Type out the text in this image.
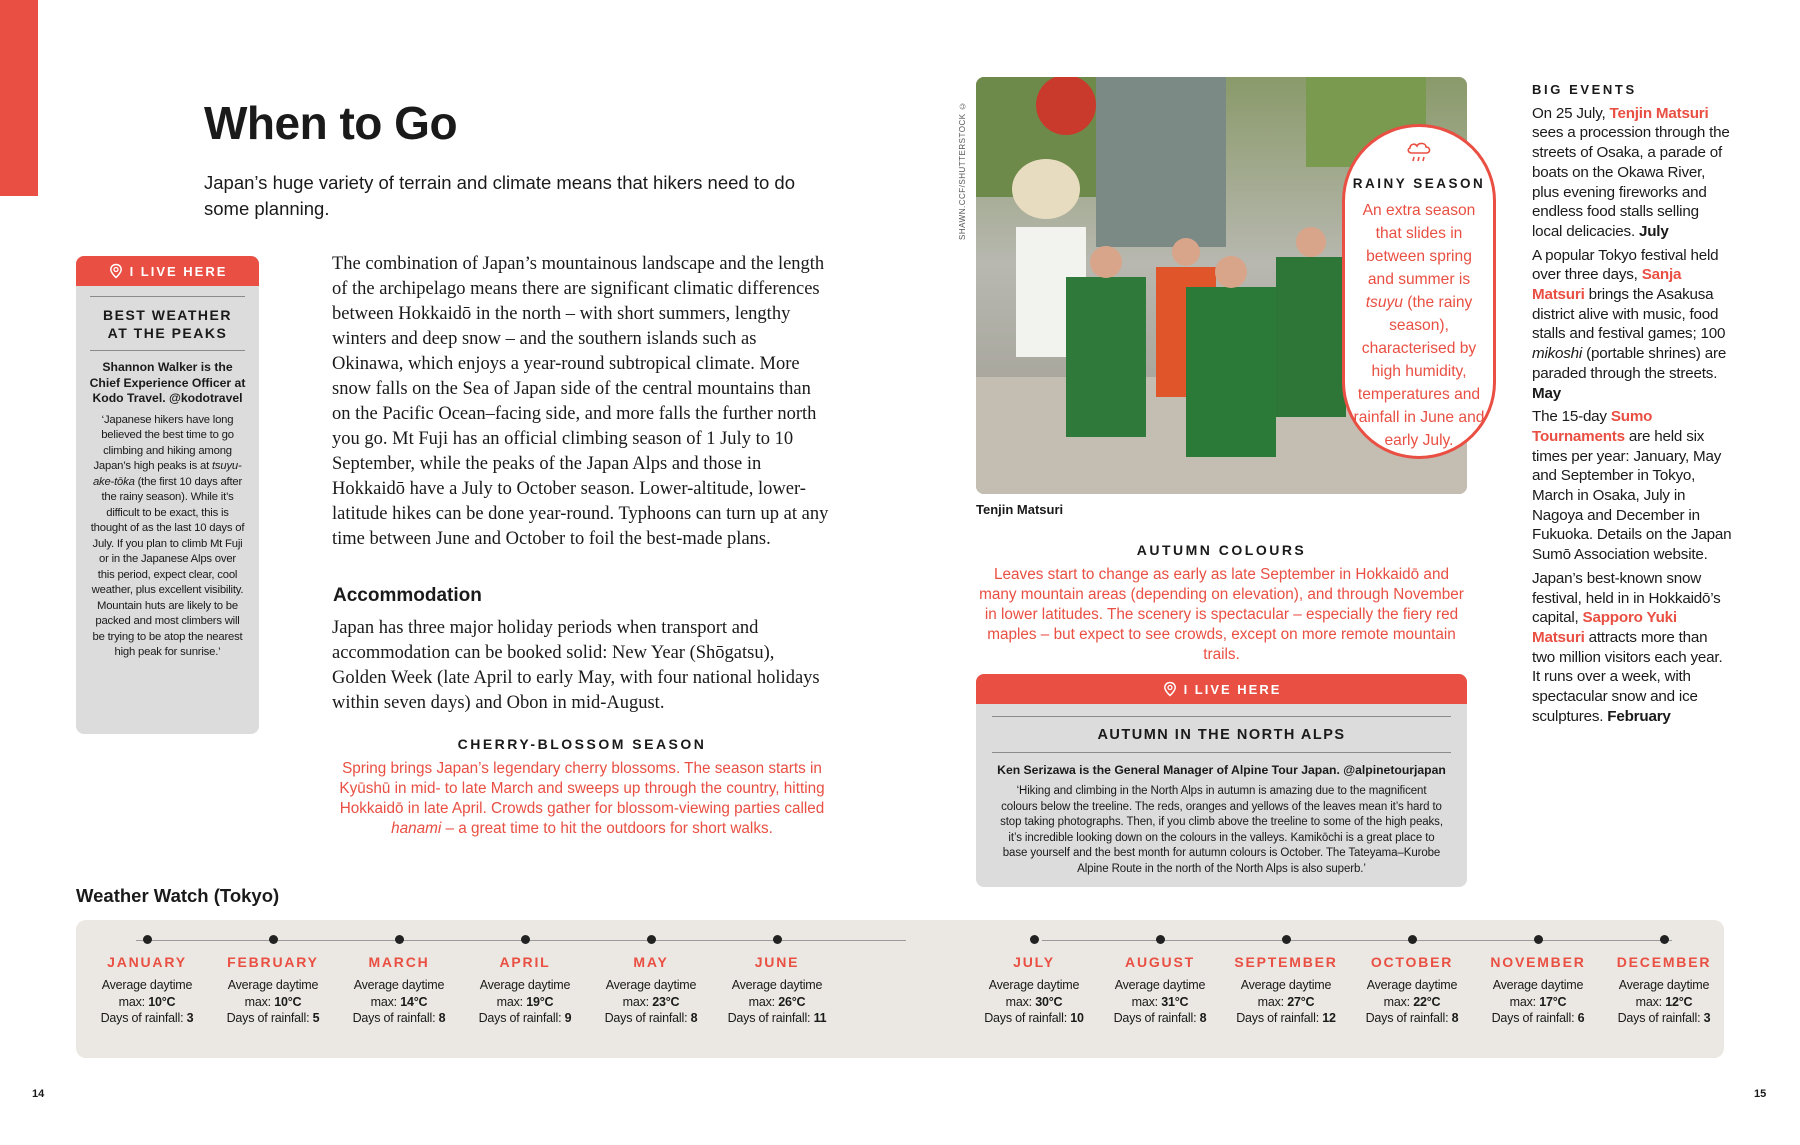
When to Go

Japan’s huge variety of terrain and climate means that hikers need to do some planning.

I LIVE HERE
BEST WEATHER
AT THE PEAKS
Shannon Walker is the Chief Experience Officer at Kodo Travel. @kodotravel
‘Japanese hikers have long believed the best time to go climbing and hiking among Japan’s high peaks is at tsuyu-ake-tōka (the first 10 days after the rainy season). While it’s difficult to be exact, this is thought of as the last 10 days of July. If you plan to climb Mt Fuji or in the Japanese Alps over this period, expect clear, cool weather, plus excellent visibility. Mountain huts are likely to be packed and most climbers will be trying to be atop the nearest high peak for sunrise.’

The combination of Japan’s mountainous landscape and the length of the archipelago means there are significant climatic differences between Hokkaidō in the north – with short summers, lengthy winters and deep snow – and the southern islands such as Okinawa, which enjoys a year-round subtropical climate. More snow falls on the Sea of Japan side of the central mountains than on the Pacific Ocean–facing side, and more falls the further north you go. Mt Fuji has an official climbing season of 1 July to 10 September, while the peaks of the Japan Alps and those in Hokkaidō have a July to October season. Lower-altitude, lower-latitude hikes can be done year-round. Typhoons can turn up at any time between June and October to foil the best-made plans.

Accommodation

Japan has three major holiday periods when transport and accommodation can be booked solid: New Year (Shōgatsu), Golden Week (late April to early May, with four national holidays within seven days) and Obon in mid-August.

CHERRY-BLOSSOM SEASON

Spring brings Japan’s legendary cherry blossoms. The season starts in Kyūshū in mid- to late March and sweeps up through the country, hitting Hokkaidō in late April. Crowds gather for blossom-viewing parties called hanami – a great time to hit the outdoors for short walks.

SHAWN.CCF/SHUTTERSTOCK ©
Tenjin Matsuri

RAINY SEASON

An extra season that slides in between spring and summer is tsuyu (the rainy season), characterised by high humidity, temperatures and rainfall in June and early July.

AUTUMN COLOURS

Leaves start to change as early as late September in Hokkaidō and many mountain areas (depending on elevation), and through November in lower latitudes. The scenery is spectacular – especially the fiery red maples – but expect to see crowds, except on more remote mountain trails.

I LIVE HERE
AUTUMN IN THE NORTH ALPS
Ken Serizawa is the General Manager of Alpine Tour Japan. @alpinetourjapan
‘Hiking and climbing in the North Alps in autumn is amazing due to the magnificent colours below the treeline. The reds, oranges and yellows of the leaves mean it’s hard to stop taking photographs. Then, if you climb above the treeline to some of the high peaks, it’s incredible looking down on the colours in the valleys. Kamikōchi is a great place to base yourself and the best month for autumn colours is October. The Tateyama–Kurobe Alpine Route in the north of the North Alps is also superb.’

BIG EVENTS

On 25 July, Tenjin Matsuri sees a procession through the streets of Osaka, a parade of boats on the Okawa River, plus evening fireworks and endless food stalls selling local delicacies. July

A popular Tokyo festival held over three days, Sanja Matsuri brings the Asakusa district alive with music, food stalls and festival games; 100 mikoshi (portable shrines) are paraded through the streets. May

The 15-day Sumo Tournaments are held six times per year: January, May and September in Tokyo, March in Osaka, July in Nagoya and December in Fukuoka. Details on the Japan Sumō Association website.

Japan’s best-known snow festival, held in in Hokkaidō’s capital, Sapporo Yuki Matsuri attracts more than two million visitors each year. It runs over a week, with spectacular snow and ice sculptures. February

Weather Watch (Tokyo)
JANUARY
Average daytime
max: 10°C
Days of rainfall: 3
FEBRUARY
Average daytime
max: 10°C
Days of rainfall: 5
MARCH
Average daytime
max: 14°C
Days of rainfall: 8
APRIL
Average daytime
max: 19°C
Days of rainfall: 9
MAY
Average daytime
max: 23°C
Days of rainfall: 8
JUNE
Average daytime
max: 26°C
Days of rainfall: 11
JULY
Average daytime
max: 30°C
Days of rainfall: 10
AUGUST
Average daytime
max: 31°C
Days of rainfall: 8
SEPTEMBER
Average daytime
max: 27°C
Days of rainfall: 12
OCTOBER
Average daytime
max: 22°C
Days of rainfall: 8
NOVEMBER
Average daytime
max: 17°C
Days of rainfall: 6
DECEMBER
Average daytime
max: 12°C
Days of rainfall: 3
14	15
